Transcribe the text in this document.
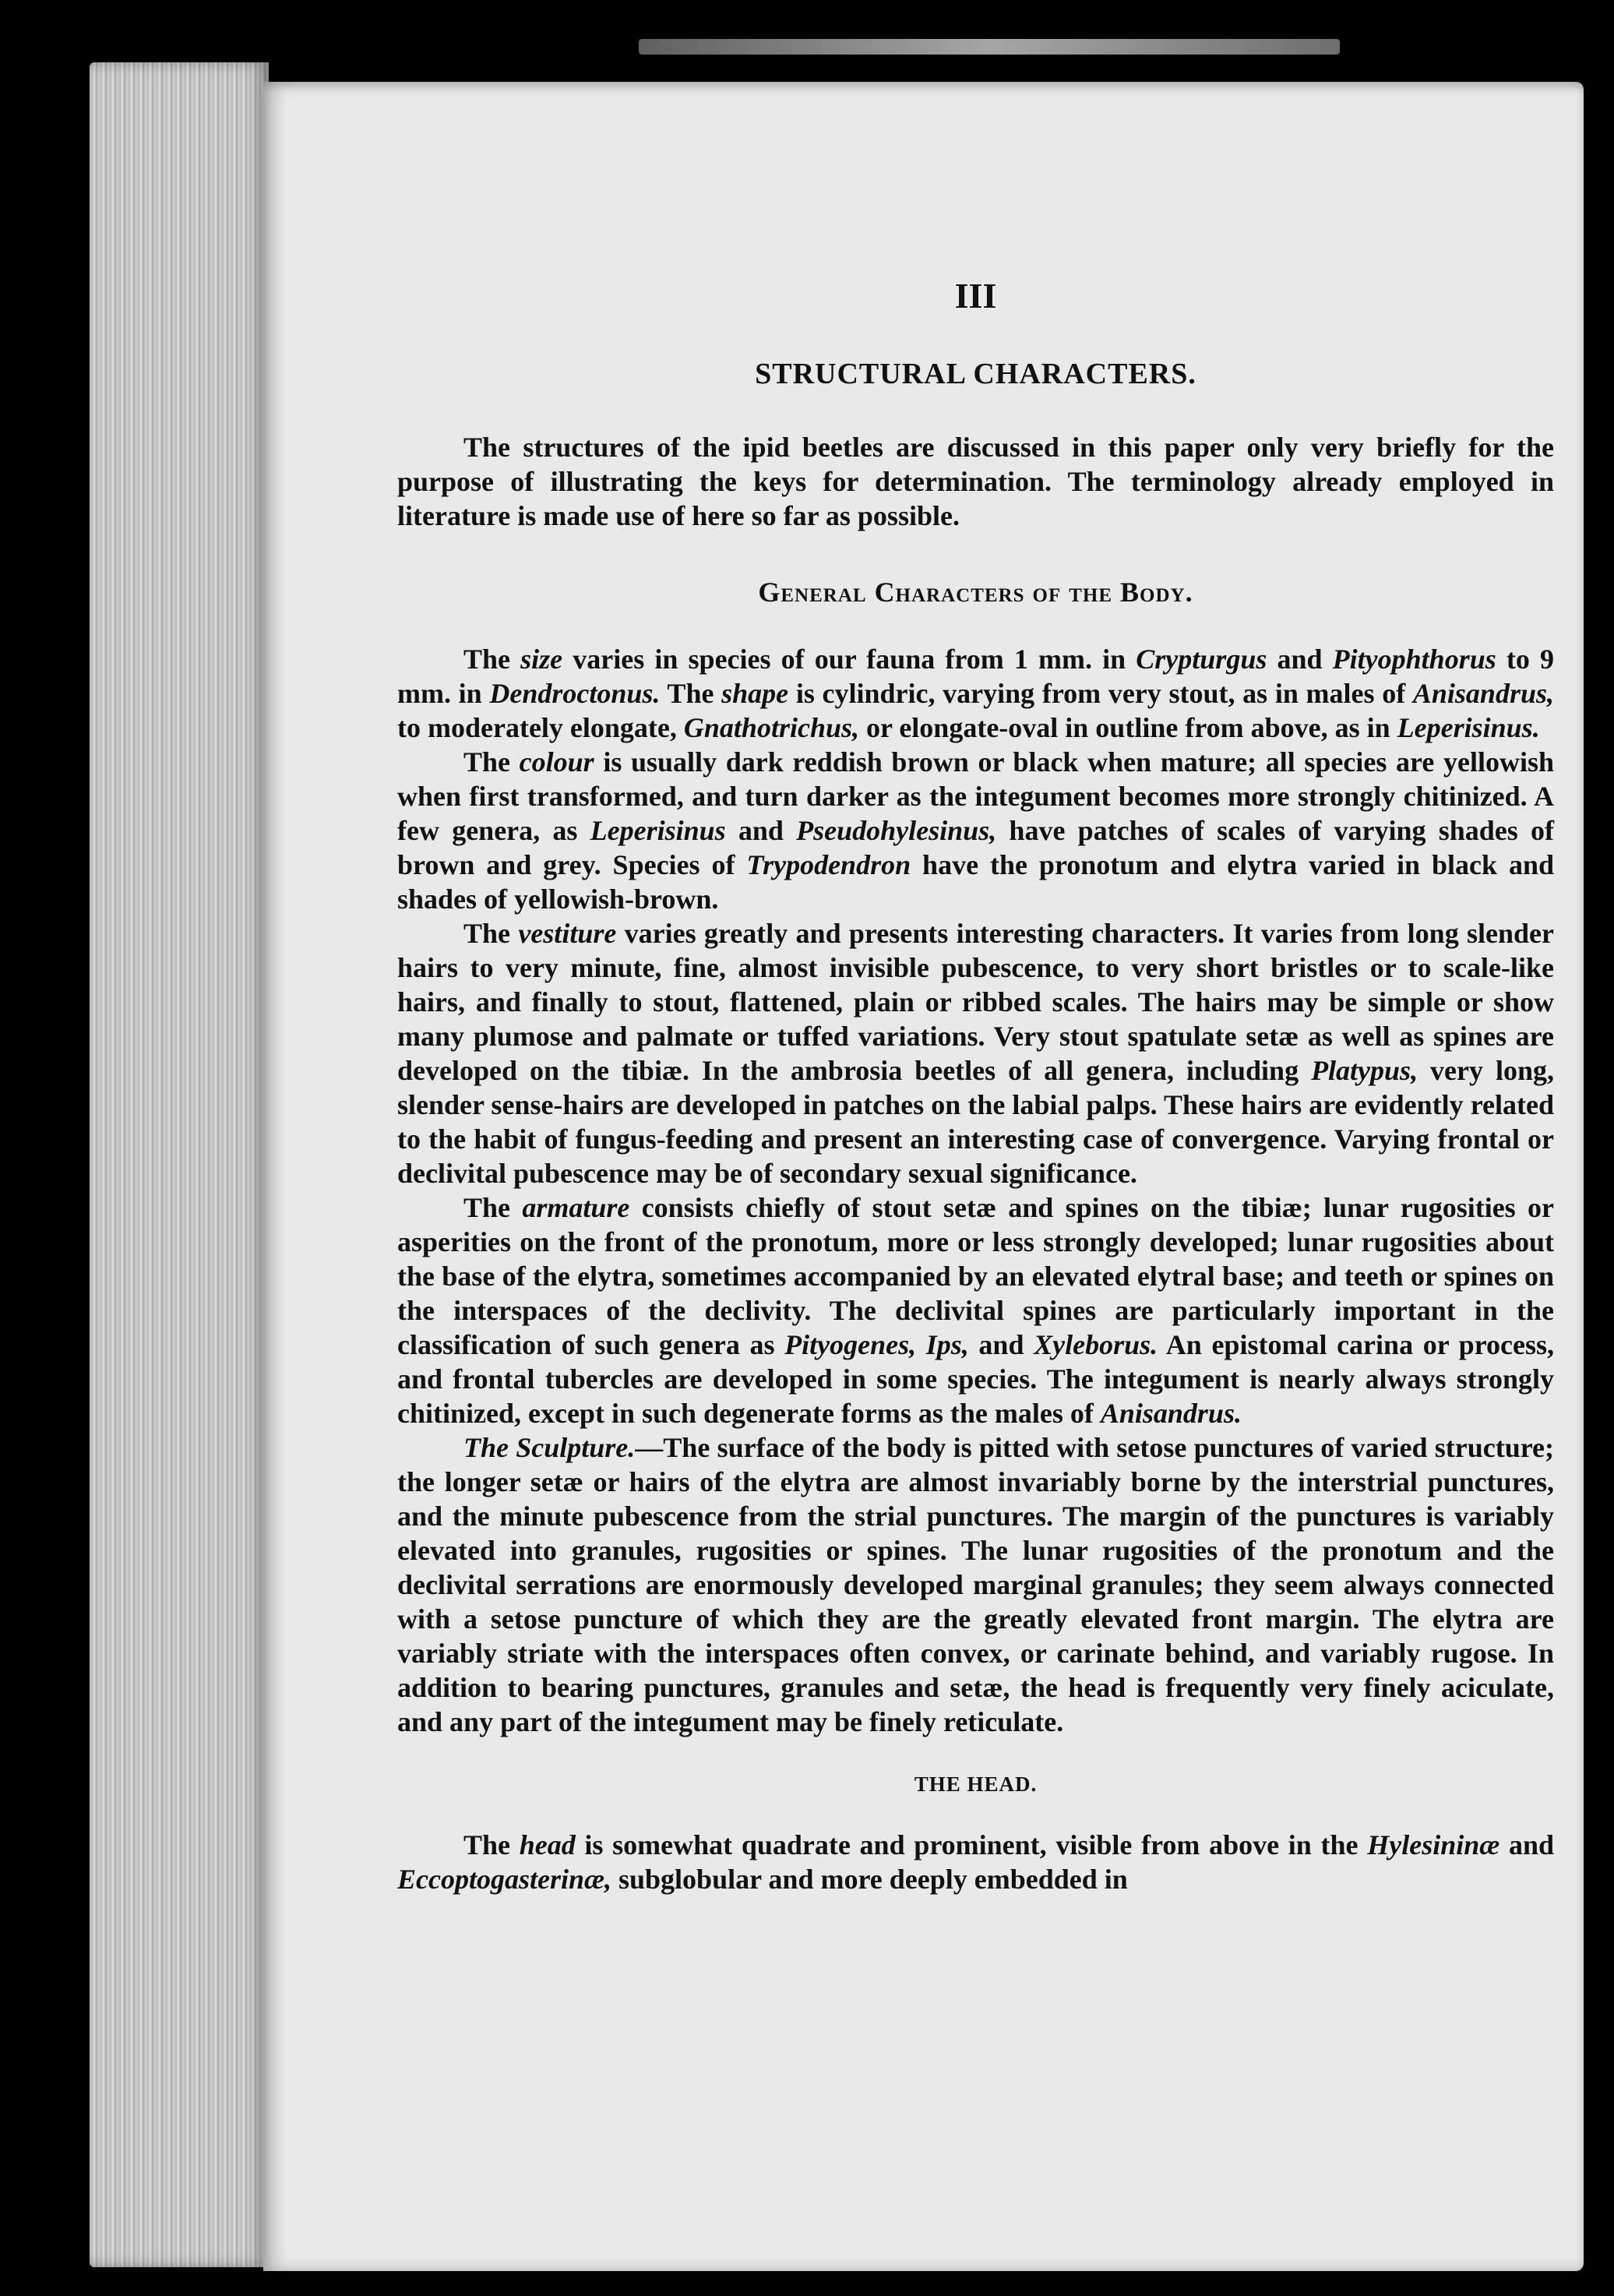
III
STRUCTURAL CHARACTERS.

The structures of the ipid beetles are discussed in this paper only very briefly for the purpose of illustrating the keys for determination. The terminology already employed in literature is made use of here so far as possible.

General Characters of the Body.

The size varies in species of our fauna from 1 mm. in Crypturgus and Pityophthorus to 9 mm. in Dendroctonus. The shape is cylindric, varying from very stout, as in males of Anisandrus, to moderately elongate, Gnathotrichus, or elongate-oval in outline from above, as in Leperisinus.

The colour is usually dark reddish brown or black when mature; all species are yellowish when first transformed, and turn darker as the integument becomes more strongly chitinized. A few genera, as Leperisinus and Pseudohylesinus, have patches of scales of varying shades of brown and grey. Species of Trypodendron have the pronotum and elytra varied in black and shades of yellowish-brown.

The vestiture varies greatly and presents interesting characters. It varies from long slender hairs to very minute, fine, almost invisible pubescence, to very short bristles or to scale-like hairs, and finally to stout, flattened, plain or ribbed scales. The hairs may be simple or show many plumose and palmate or tuffed variations. Very stout spatulate setæ as well as spines are developed on the tibiæ. In the ambrosia beetles of all genera, including Platypus, very long, slender sense-hairs are developed in patches on the labial palps. These hairs are evidently related to the habit of fungus-feeding and present an interesting case of convergence. Varying frontal or declivital pubescence may be of secondary sexual significance.

The armature consists chiefly of stout setæ and spines on the tibiæ; lunar rugosities or asperities on the front of the pronotum, more or less strongly developed; lunar rugosities about the base of the elytra, sometimes accompanied by an elevated elytral base; and teeth or spines on the interspaces of the declivity. The declivital spines are particularly important in the classification of such genera as Pityogenes, Ips, and Xyleborus. An epistomal carina or process, and frontal tubercles are developed in some species. The integument is nearly always strongly chitinized, except in such degenerate forms as the males of Anisandrus.

The Sculpture.—The surface of the body is pitted with setose punctures of varied structure; the longer setæ or hairs of the elytra are almost invariably borne by the interstrial punctures, and the minute pubescence from the strial punctures. The margin of the punctures is variably elevated into granules, rugosities or spines. The lunar rugosities of the pronotum and the declivital serrations are enormously developed marginal granules; they seem always connected with a setose puncture of which they are the greatly elevated front margin. The elytra are variably striate with the interspaces often convex, or carinate behind, and variably rugose. In addition to bearing punctures, granules and setæ, the head is frequently very finely aciculate, and any part of the integument may be finely reticulate.

THE HEAD.

The head is somewhat quadrate and prominent, visible from above in the Hylesininæ and Eccoptogasterinæ, subglobular and more deeply embedded in
